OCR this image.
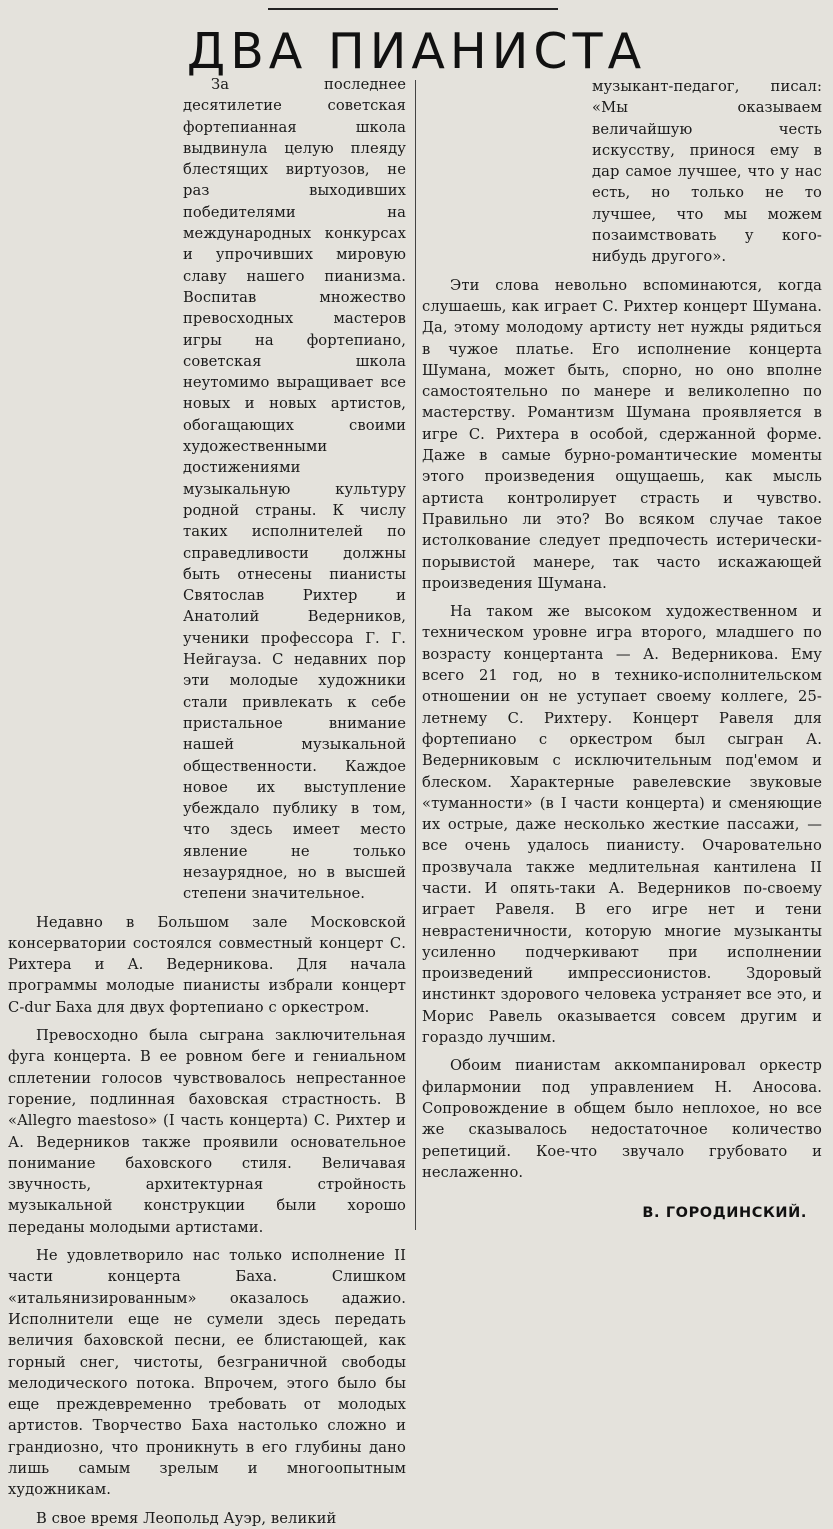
ДВА ПИАНИСТА

За последнее десятилетие советская фортепианная школа выдвинула целую плеяду блестящих виртуозов, не раз выходивших победителями на международных конкурсах и упрочивших мировую славу нашего пианизма. Воспитав множество превосходных мастеров игры на фортепиано, советская школа неутомимо выращивает все новых и новых артистов, обогащающих своими художественными достижениями музыкальную культуру родной страны. К числу таких исполнителей по справедливости должны быть отнесены пианисты Святослав Рихтер и Анатолий Ведерников, ученики профессора Г. Г. Нейгауза. С недавних пор эти молодые художники стали привлекать к себе пристальное внимание нашей музыкальной общественности. Каждое новое их выступление убеждало публику в том, что здесь имеет место явление не только незаурядное, но в высшей степени значительное.

Недавно в Большом зале Московской консерватории состоялся совместный концерт С. Рихтера и А. Ведерникова. Для начала программы молодые пианисты избрали концерт C-dur Баха для двух фортепиано с оркестром.

Превосходно была сыграна заключительная фуга концерта. В ее ровном беге и гениальном сплетении голосов чувствовалось непрестанное горение, подлинная баховская страстность. В «Allegro maestoso» (I часть концерта) С. Рихтер и А. Ведерников также проявили основательное понимание баховского стиля. Величавая звучность, архитектурная стройность музыкальной конструкции были хорошо переданы молодыми артистами.

Не удовлетворило нас только исполнение II части концерта Баха. Слишком «итальянизированным» оказалось адажио. Исполнители еще не сумели здесь передать величия баховской песни, ее блистающей, как горный снег, чистоты, безграничной свободы мелодического потока. Впрочем, этого было бы еще преждевременно требовать от молодых артистов. Творчество Баха настолько сложно и грандиозно, что проникнуть в его глубины дано лишь самым зрелым и многоопытным художникам.

В свое время Леопольд Ауэр, великий

музыкант-педагог, писал: «Мы оказываем величайшую честь искусству, принося ему в дар самое лучшее, что у нас есть, но только не то лучшее, что мы можем позаимствовать у кого-нибудь другого».

Эти слова невольно вспоминаются, когда слушаешь, как играет С. Рихтер концерт Шумана. Да, этому молодому артисту нет нужды рядиться в чужое платье. Его исполнение концерта Шумана, может быть, спорно, но оно вполне самостоятельно по манере и великолепно по мастерству. Романтизм Шумана проявляется в игре С. Рихтера в особой, сдержанной форме. Даже в самые бурно-романтические моменты этого произведения ощущаешь, как мысль артиста контролирует страсть и чувство. Правильно ли это? Во всяком случае такое истолкование следует предпочесть истерически-порывистой манере, так часто искажающей произведения Шумана.

На таком же высоком художественном и техническом уровне игра второго, младшего по возрасту концертанта — А. Ведерникова. Ему всего 21 год, но в технико-исполнительском отношении он не уступает своему коллеге, 25-летнему С. Рихтеру. Концерт Равеля для фортепиано с оркестром был сыгран А. Ведерниковым с исключительным под'емом и блеском. Характерные равелевские звуковые «туманности» (в I части концерта) и сменяющие их острые, даже несколько жесткие пассажи, — все очень удалось пианисту. Очаровательно прозвучала также медлительная кантилена II части. И опять-таки А. Ведерников по-своему играет Равеля. В его игре нет и тени неврастеничности, которую многие музыканты усиленно подчеркивают при исполнении произведений импрессионистов. Здоровый инстинкт здорового человека устраняет все это, и Морис Равель оказывается совсем другим и гораздо лучшим.

Обоим пианистам аккомпанировал оркестр филармонии под управлением Н. Аносова. Сопровождение в общем было неплохое, но все же сказывалось недостаточное количество репетиций. Кое-что звучало грубовато и неслаженно.

В. ГОРОДИНСКИЙ.
